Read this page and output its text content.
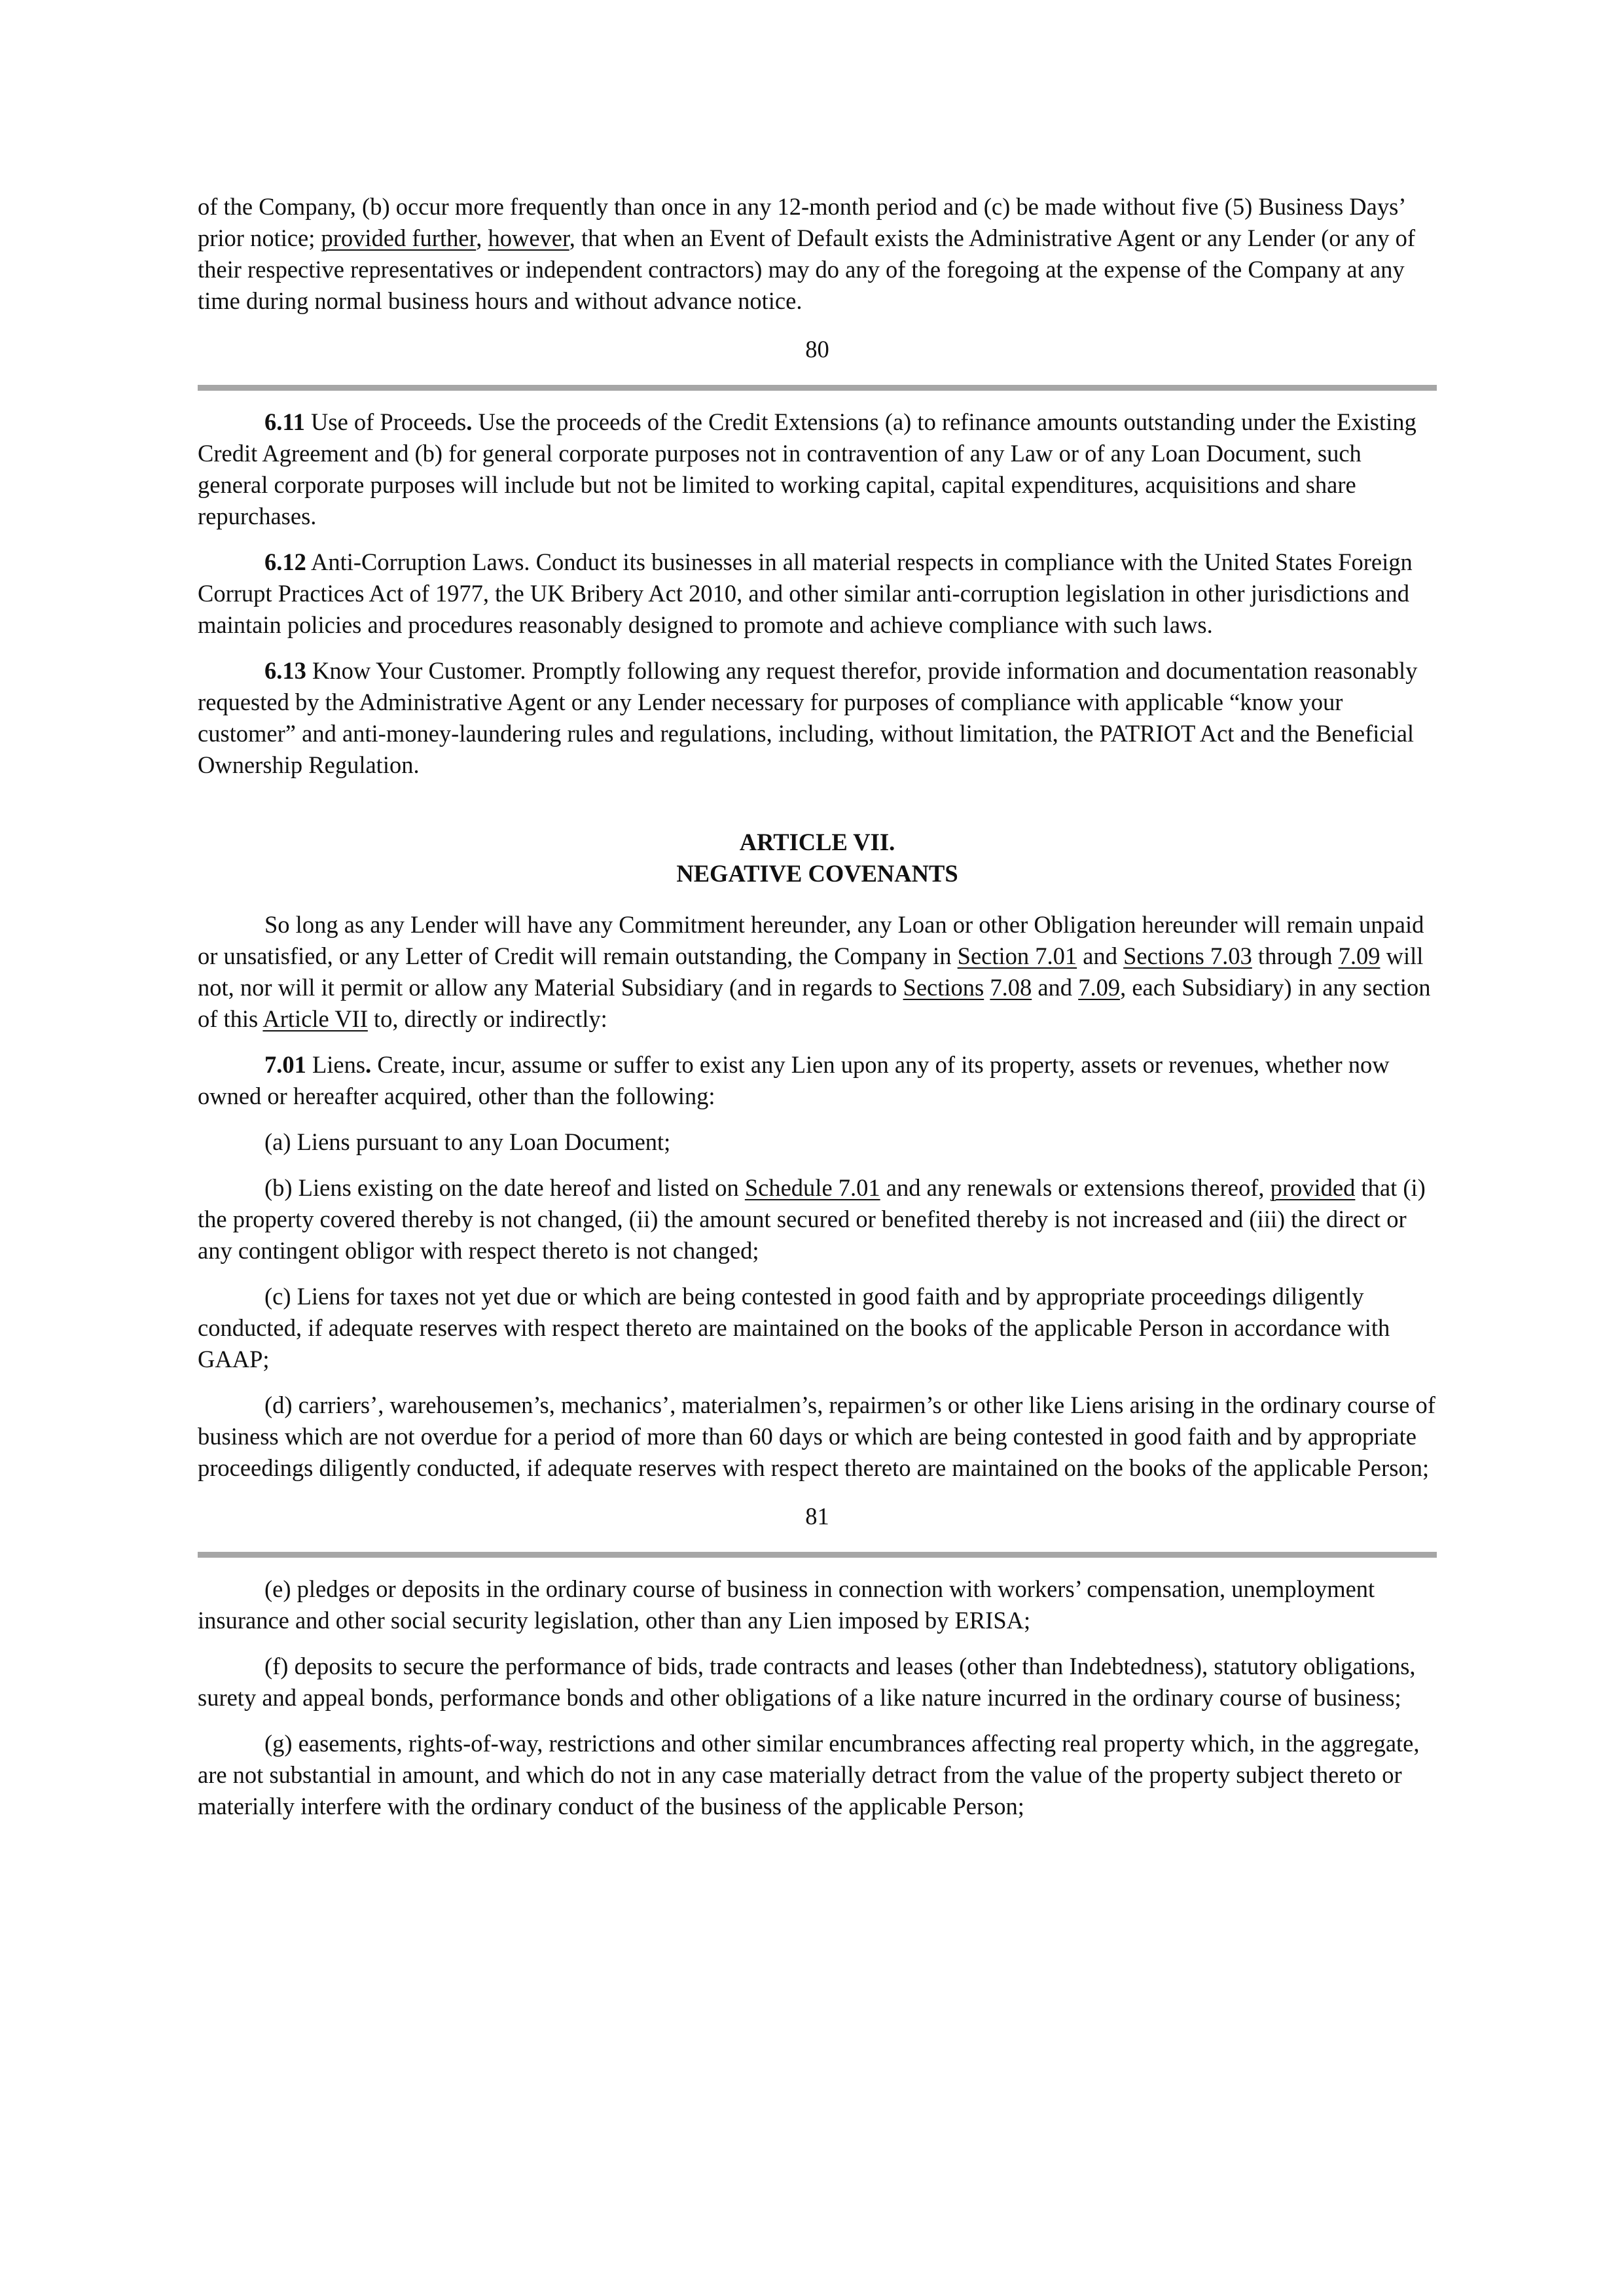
of the Company, (b) occur more frequently than once in any 12-month period and (c) be made without five (5) Business Days’ prior notice; provided further, however, that when an Event of Default exists the Administrative Agent or any Lender (or any of their respective representatives or independent contractors) may do any of the foregoing at the expense of the Company at any time during normal business hours and without advance notice.

80

6.11 Use of Proceeds. Use the proceeds of the Credit Extensions (a) to refinance amounts outstanding under the Existing Credit Agreement and (b) for general corporate purposes not in contravention of any Law or of any Loan Document, such general corporate purposes will include but not be limited to working capital, capital expenditures, acquisitions and share repurchases.

6.12 Anti-Corruption Laws. Conduct its businesses in all material respects in compliance with the United States Foreign Corrupt Practices Act of 1977, the UK Bribery Act 2010, and other similar anti-corruption legislation in other jurisdictions and maintain policies and procedures reasonably designed to promote and achieve compliance with such laws.

6.13 Know Your Customer. Promptly following any request therefor, provide information and documentation reasonably requested by the Administrative Agent or any Lender necessary for purposes of compliance with applicable “know your customer” and anti-money-laundering rules and regulations, including, without limitation, the PATRIOT Act and the Beneficial Ownership Regulation.

ARTICLE VII.

NEGATIVE COVENANTS

So long as any Lender will have any Commitment hereunder, any Loan or other Obligation hereunder will remain unpaid or unsatisfied, or any Letter of Credit will remain outstanding, the Company in Section 7.01 and Sections 7.03 through 7.09 will not, nor will it permit or allow any Material Subsidiary (and in regards to Sections 7.08 and 7.09, each Subsidiary) in any section of this Article VII to, directly or indirectly:

7.01 Liens. Create, incur, assume or suffer to exist any Lien upon any of its property, assets or revenues, whether now owned or hereafter acquired, other than the following:

(a) Liens pursuant to any Loan Document;

(b) Liens existing on the date hereof and listed on Schedule 7.01 and any renewals or extensions thereof, provided that (i) the property covered thereby is not changed, (ii) the amount secured or benefited thereby is not increased and (iii) the direct or any contingent obligor with respect thereto is not changed;

(c) Liens for taxes not yet due or which are being contested in good faith and by appropriate proceedings diligently conducted, if adequate reserves with respect thereto are maintained on the books of the applicable Person in accordance with GAAP;

(d) carriers’, warehousemen’s, mechanics’, materialmen’s, repairmen’s or other like Liens arising in the ordinary course of business which are not overdue for a period of more than 60 days or which are being contested in good faith and by appropriate proceedings diligently conducted, if adequate reserves with respect thereto are maintained on the books of the applicable Person;

81

(e) pledges or deposits in the ordinary course of business in connection with workers’ compensation, unemployment insurance and other social security legislation, other than any Lien imposed by ERISA;

(f) deposits to secure the performance of bids, trade contracts and leases (other than Indebtedness), statutory obligations, surety and appeal bonds, performance bonds and other obligations of a like nature incurred in the ordinary course of business;

(g) easements, rights-of-way, restrictions and other similar encumbrances affecting real property which, in the aggregate, are not substantial in amount, and which do not in any case materially detract from the value of the property subject thereto or materially interfere with the ordinary conduct of the business of the applicable Person;
